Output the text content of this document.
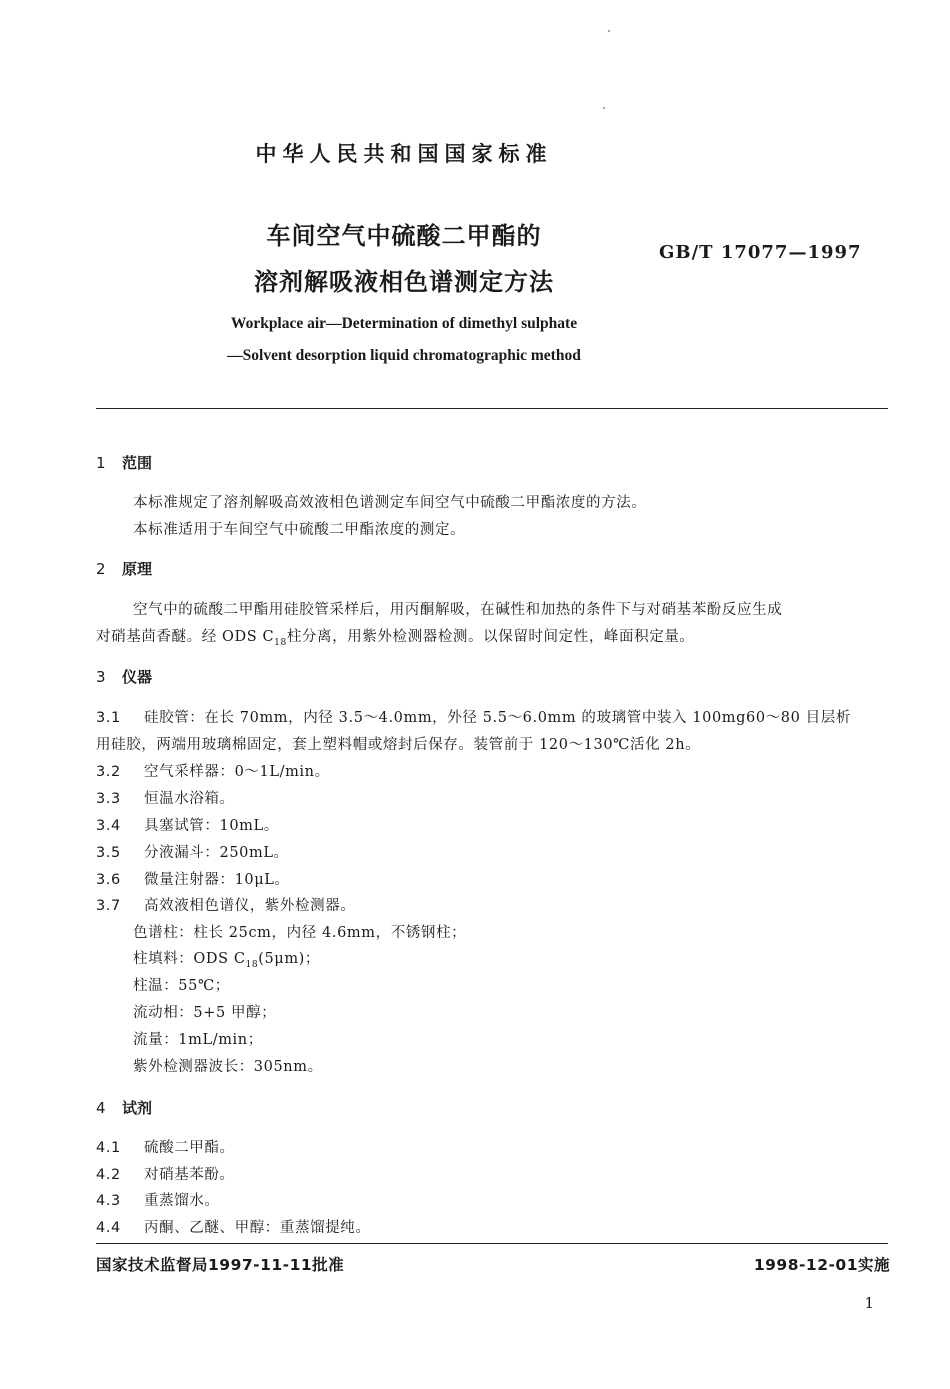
中华人民共和国国家标准
车间空气中硫酸二甲酯的
溶剂解吸液相色谱测定方法
GB/T 17077—1997
Workplace air—Determination of dimethyl sulphate
—Solvent desorption liquid chromatographic method
1 范围
本标准规定了溶剂解吸高效液相色谱测定车间空气中硫酸二甲酯浓度的方法。
本标准适用于车间空气中硫酸二甲酯浓度的测定。
2 原理
空气中的硫酸二甲酯用硅胶管采样后，用丙酮解吸，在碱性和加热的条件下与对硝基苯酚反应生成
对硝基茴香醚。经 ODS $C_{18}$柱分离，用紫外检测器检测。以保留时间定性，峰面积定量。
3 仪器
3.1 硅胶管：在长 70mm，内径 3.5～4.0mm，外径 5.5～6.0mm 的玻璃管中装入 100mg60～80 目层析
用硅胶，两端用玻璃棉固定，套上塑料帽或熔封后保存。装管前于 120～130℃活化 2h。
3.2 空气采样器：0～1L/min。
3.3 恒温水浴箱。
3.4 具塞试管：10mL。
3.5 分液漏斗：250mL。
3.6 微量注射器：10μL。
3.7 高效液相色谱仪，紫外检测器。
色谱柱：柱长 25cm，内径 4.6mm，不锈钢柱；
柱填料：ODS $C_{18}(5\mu m)$；
柱温：55℃；
流动相：5+5 甲醇；
流量：1mL/min；
紫外检测器波长：305nm。
4 试剂
4.1 硫酸二甲酯。
4.2 对硝基苯酚。
4.3 重蒸馏水。
4.4 丙酮、乙醚、甲醇：重蒸馏提纯。
国家技术监督局1997-11-11批准	1998-12-01实施
1
